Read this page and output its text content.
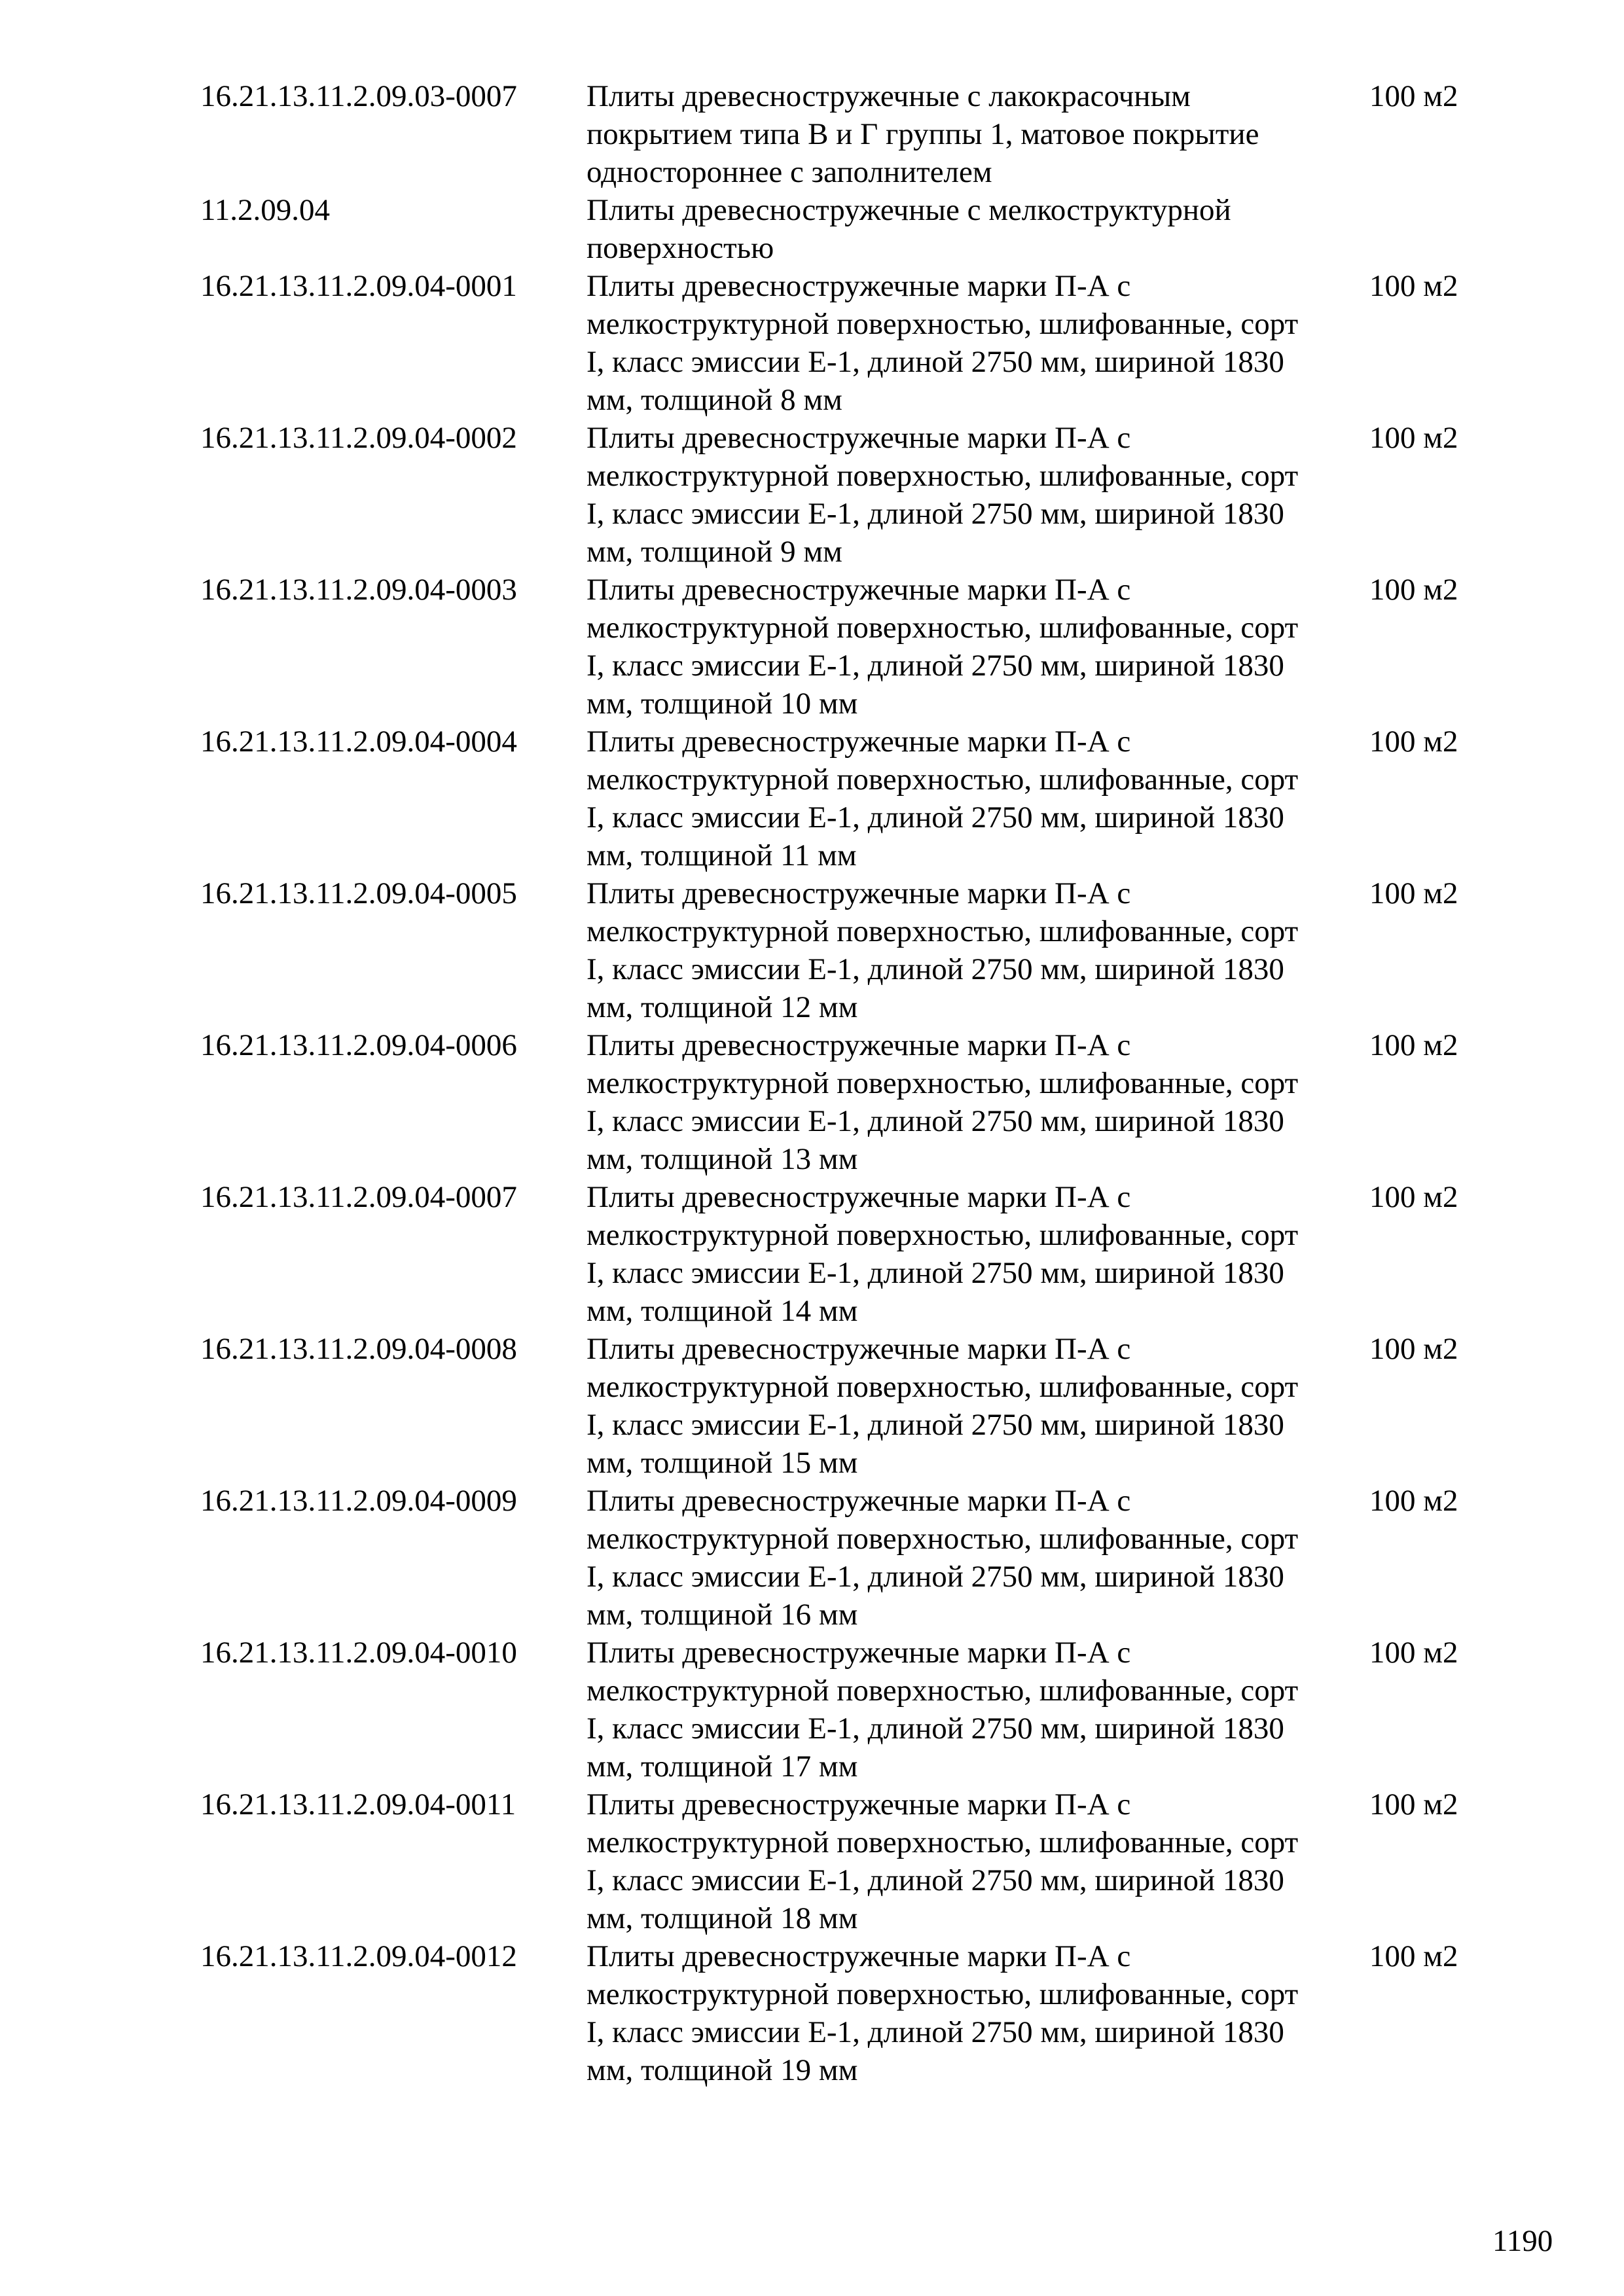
16.21.13.11.2.09.03-0007	Плиты древесностружечные с лакокрасочным
покрытием типа В и Г группы 1, матовое покрытие
одностороннее с заполнителем
100 м2
11.2.09.04	Плиты древесностружечные с мелкоструктурной
поверхностью
16.21.13.11.2.09.04-0001	Плиты древесностружечные марки П-А с
мелкоструктурной поверхностью, шлифованные, сорт
I, класс эмиссии Е-1, длиной 2750 мм, шириной 1830
мм, толщиной 8 мм
100 м2
16.21.13.11.2.09.04-0002	Плиты древесностружечные марки П-А с
мелкоструктурной поверхностью, шлифованные, сорт
I, класс эмиссии Е-1, длиной 2750 мм, шириной 1830
мм, толщиной 9 мм
100 м2
16.21.13.11.2.09.04-0003	Плиты древесностружечные марки П-А с
мелкоструктурной поверхностью, шлифованные, сорт
I, класс эмиссии Е-1, длиной 2750 мм, шириной 1830
мм, толщиной 10 мм
100 м2
16.21.13.11.2.09.04-0004	Плиты древесностружечные марки П-А с
мелкоструктурной поверхностью, шлифованные, сорт
I, класс эмиссии Е-1, длиной 2750 мм, шириной 1830
мм, толщиной 11 мм
100 м2
16.21.13.11.2.09.04-0005	Плиты древесностружечные марки П-А с
мелкоструктурной поверхностью, шлифованные, сорт
I, класс эмиссии Е-1, длиной 2750 мм, шириной 1830
мм, толщиной 12 мм
100 м2
16.21.13.11.2.09.04-0006	Плиты древесностружечные марки П-А с
мелкоструктурной поверхностью, шлифованные, сорт
I, класс эмиссии Е-1, длиной 2750 мм, шириной 1830
мм, толщиной 13 мм
100 м2
16.21.13.11.2.09.04-0007	Плиты древесностружечные марки П-А с
мелкоструктурной поверхностью, шлифованные, сорт
I, класс эмиссии Е-1, длиной 2750 мм, шириной 1830
мм, толщиной 14 мм
100 м2
16.21.13.11.2.09.04-0008	Плиты древесностружечные марки П-А с
мелкоструктурной поверхностью, шлифованные, сорт
I, класс эмиссии Е-1, длиной 2750 мм, шириной 1830
мм, толщиной 15 мм
100 м2
16.21.13.11.2.09.04-0009	Плиты древесностружечные марки П-А с
мелкоструктурной поверхностью, шлифованные, сорт
I, класс эмиссии Е-1, длиной 2750 мм, шириной 1830
мм, толщиной 16 мм
100 м2
16.21.13.11.2.09.04-0010	Плиты древесностружечные марки П-А с
мелкоструктурной поверхностью, шлифованные, сорт
I, класс эмиссии Е-1, длиной 2750 мм, шириной 1830
мм, толщиной 17 мм
100 м2
16.21.13.11.2.09.04-0011	Плиты древесностружечные марки П-А с
мелкоструктурной поверхностью, шлифованные, сорт
I, класс эмиссии Е-1, длиной 2750 мм, шириной 1830
мм, толщиной 18 мм
100 м2
16.21.13.11.2.09.04-0012	Плиты древесностружечные марки П-А с
мелкоструктурной поверхностью, шлифованные, сорт
I, класс эмиссии Е-1, длиной 2750 мм, шириной 1830
мм, толщиной 19 мм
100 м2
1190
